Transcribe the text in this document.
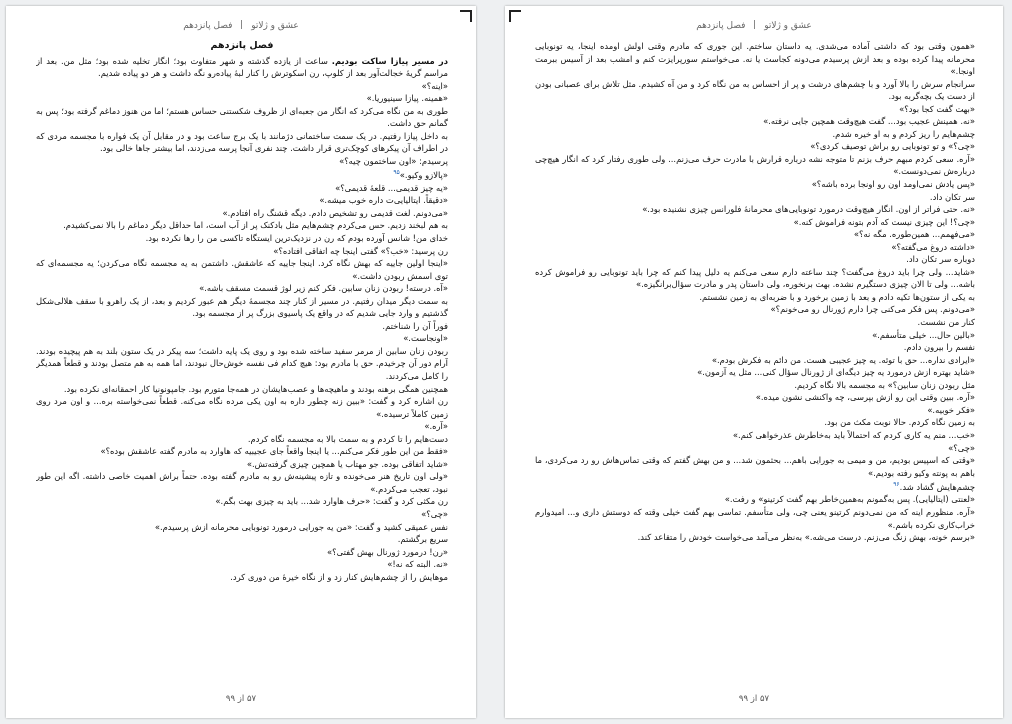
عشق و ژلاتو  فصل پانزدهم

فصل پانزدهم

در مسیر پیازا ساکت بودیم. ساعت از یازده گذشته و شهر متفاوت بود؛ انگار تخلیه شده بود؛ مثل من. بعد از مراسم گریهٔ خجالت‌آور بعد از کلوپ، رن اسکوترش را کنار لبهٔ پیاده‌رو نگه داشت و هر دو پیاده شدیم.

«اینه؟»

«همینه. پیازا سینیوریا.»

طوری به من نگاه می‌کرد که انگار من جعبه‌ای از ظروف شکستنی حساس هستم؛ اما من هنوز دماغم گرفته بود؛ پس به گمانم حق داشت.

به داخل پیازا رفتیم. در یک سمت ساختمانی دژمانند با یک برج ساعت بود و در مقابل آن یک فواره با مجسمه مردی که در اطراف آن پیکرهای کوچک‌تری قرار داشت. چند نفری آنجا پرسه می‌زدند، اما بیشتر جاها خالی بود.

پرسیدم: «اون ساختمون چیه؟»

«پالازو وکیو.»$^{۹۵}$

«یه چیز قدیمی... قلعهٔ قدیمی؟»

«دقیقاً. ایتالیایی‌ت داره خوب میشه.»

«می‌دونم. لغت قدیمی رو تشخیص دادم. دیگه قشنگ راه افتادم.»

به هم لبخند زدیم. حس می‌کردم چشم‌هایم مثل بادکنک پر از آب است، اما حداقل دیگر دماغم را بالا نمی‌کشیدم.

خدای من! شانس آورده بودم که رن در نزدیک‌ترین ایستگاه تاکسی من را رها نکرده بود.

رن پرسید: «خب؟» گفتی اینجا چه اتفاقی افتاده؟»

«اینجا اولین جاییه که بهش نگاه کرد. اینجا جاییه که عاشقش. داشتمن به یه مجسمه نگاه می‌کردن؛ یه مجسمه‌ای که توی اسمش ربودن داشت.»

«آه. درسته! ربودن زنان سابین. فکر کنم زیر لوژ قسمت مسقف باشه.»

به سمت دیگر میدان رفتیم. در مسیر از کنار چند مجسمهٔ دیگر هم عبور کردیم و بعد، از یک راهرو با سقف هلالی‌شکل گذشتیم و وارد جایی شدیم که در واقع یک پاسیوی بزرگ پر از مجسمه بود.

فوراً آن را شناختم.

«اونجاست.»

ربودن زنان سابین از مرمر سفید ساخته شده بود و روی یک پایه داشت؛ سه پیکر در یک ستون بلند به هم پیچیده بودند. آرام دور آن چرخیدم. حق با مادرم بود: هیچ کدام فی نفسه خوش‌حال نبودند، اما همه به هم متصل بودند و قطعاً همدیگر را کامل می‌کردند.

همچنین همگی برهنه بودند و ماهیچه‌ها و عصب‌هایشان در همه‌جا متورم بود. جامپونونیا کار احمقانه‌ای نکرده بود.

رن اشاره کرد و گفت: «ببین زنه چطور داره به اون یکی مرده نگاه می‌کنه. قطعاً نمی‌خواسته بره... و اون مرد روی زمین کاملاً ترسیده.»

«آره.»

دست‌هایم را تا کردم و به سمت بالا به مجسمه نگاه کردم.

«فقط من این طور فکر می‌کنم... یا اینجا واقعاً جای عجیبیه که هاوارد به مادرم گفته عاشقش بوده؟»

«شاید اتفاقی بوده. جو مهتاب یا همچین چیزی گرفته‌تش.»

«ولی اون تاریخ هنر می‌خونده و تازه پیشینه‌ش رو به مادرم گفته بوده. حتماً براش اهمیت خاصی داشته. اگه این طور نبود، تعجب می‌کردم.»

رن مکثی کرد و گفت: «حرف هاوارد شد... باید به چیزی بهت بگم.»

«چی؟»

نفس عمیقی کشید و گفت: «من یه جورایی درمورد تونوبایی محرمانه ازش پرسیدم.»

سریع برگشتم.

«رن! درمورد ژورنال بهش گفتی؟»

«نه. البته که نه!»

موهایش را از چشم‌هایش کنار زد و از نگاه خیرهٔ من دوری کرد.

۵۷ از ۹۹
عشق و ژلاتو  فصل پانزدهم

«همون وقتی بود که داشتی آماده می‌شدی. یه داستان ساختم. این جوری که مادرم وقتی اولش اومده اینجا، یه تونوبایی محرمانه پیدا کرده بوده و بعد ازش پرسیدم می‌دونه کجاست یا نه. می‌خواستم سورپرایزت کنم و امشب بعد از آسیس ببرمت اونجا.»

سرانجام سرش را بالا آورد و با چشم‌های درشت و پر از احساس به من نگاه کرد و من آه کشیدم. مثل تلاش برای عصبانی بودن از دست یک بچه‌گربه بود.

«بهت گفت کجا بود؟»

«نه. همینش عجیب بود... گفت هیچ‌وقت همچین جایی نرفته.»

چشم‌هایم را ریز کردم و به او خیره شدم.

«چی؟» و تو تونوبایی رو براش توصیف کردی؟»

«آره. سعی کردم مبهم حرف بزنم تا متوجه نشه درباره قرارش با مادرت حرف می‌زنم... ولی طوری رفتار کرد که انگار هیچ‌چی درباره‌ش نمی‌دونست.»

«پس یادش نمی‌اومد اون رو اونجا برده باشه؟»

سر تکان داد.

«نه. حتی فراتر از اون. انگار هیچ‌وقت درمورد تونوبایی‌های محرمانهٔ فلورانس چیزی نشنیده بود.»

«چی؟! این چیزی نیست که آدم بتونه فراموش کنه.»

«می‌فهمم... همین‌طوره. مگه نه؟»

«داشته دروغ می‌گفته؟»

دوباره سر تکان داد.

«شاید... ولی چرا باید دروغ می‌گفت؟ چند ساعته دارم سعی می‌کنم یه دلیل پیدا کنم که چرا باید تونوبایی رو فراموش کرده باشه... ولی تا الان چیزی دستگیرم نشده. بهت برنخوره، ولی داستان پدر و مادرت سؤال‌برانگیزه.»

به یکی از ستون‌ها تکیه دادم و بعد با زمین برخورد و با ضربه‌ای به زمین نشستم.

«می‌دونم. پس فکر می‌کنی چرا دارم ژورنال رو می‌خونم؟»

کنار من نشست.

«بالین حال... خیلی متأسفم.»

نفسم را بیرون دادم.

«ایرادی نداره... حق با توئه. یه چیز عجیبی هست. من دائم به فکرش بودم.»

«شاید بهتره ازش درمورد یه چیز دیگه‌ای از ژورنال سؤال کنی... مثل یه آزمون.»

مثل ربودن زنان سابین؟» به مجسمه بالا نگاه کردیم.

«آره. ببین وقتی این رو ازش بپرسی، چه واکنشی نشون میده.»

«فکر خوبیه.»

به زمین نگاه کردم. حالا نوبت مکث من بود.

«خب... منم یه کاری کردم که احتمالاً باید به‌خاطرش عذرخواهی کنم.»

«چی؟»

«وقتی که اسپیس بودیم، من و میمی به جورایی باهم... بحثمون شد... و من بهش گفتم که وقتی تماس‌هاش رو رد می‌کردی، ما باهم به پونته وکیو رفته بودیم.»

چشم‌هایش گشاد شد.$^{۹۶}$

«لعنتی (ایتالیایی). پس به‌گمونم به‌همین‌خاطر بهم گفت کرتینو» و رفت.»

«آره. منظورم اینه که من نمی‌دونم کرتینو یعنی چی، ولی متأسفم. تماسی بهم گفت خیلی وقته که دوستش داری و... امیدوارم خراب‌کاری نکرده باشم.»

«برسم خونه، بهش زنگ می‌زنم. درست می‌شه.» به‌نظر می‌آمد می‌خواست خودش را متقاعد کند.

۵۷ از ۹۹
